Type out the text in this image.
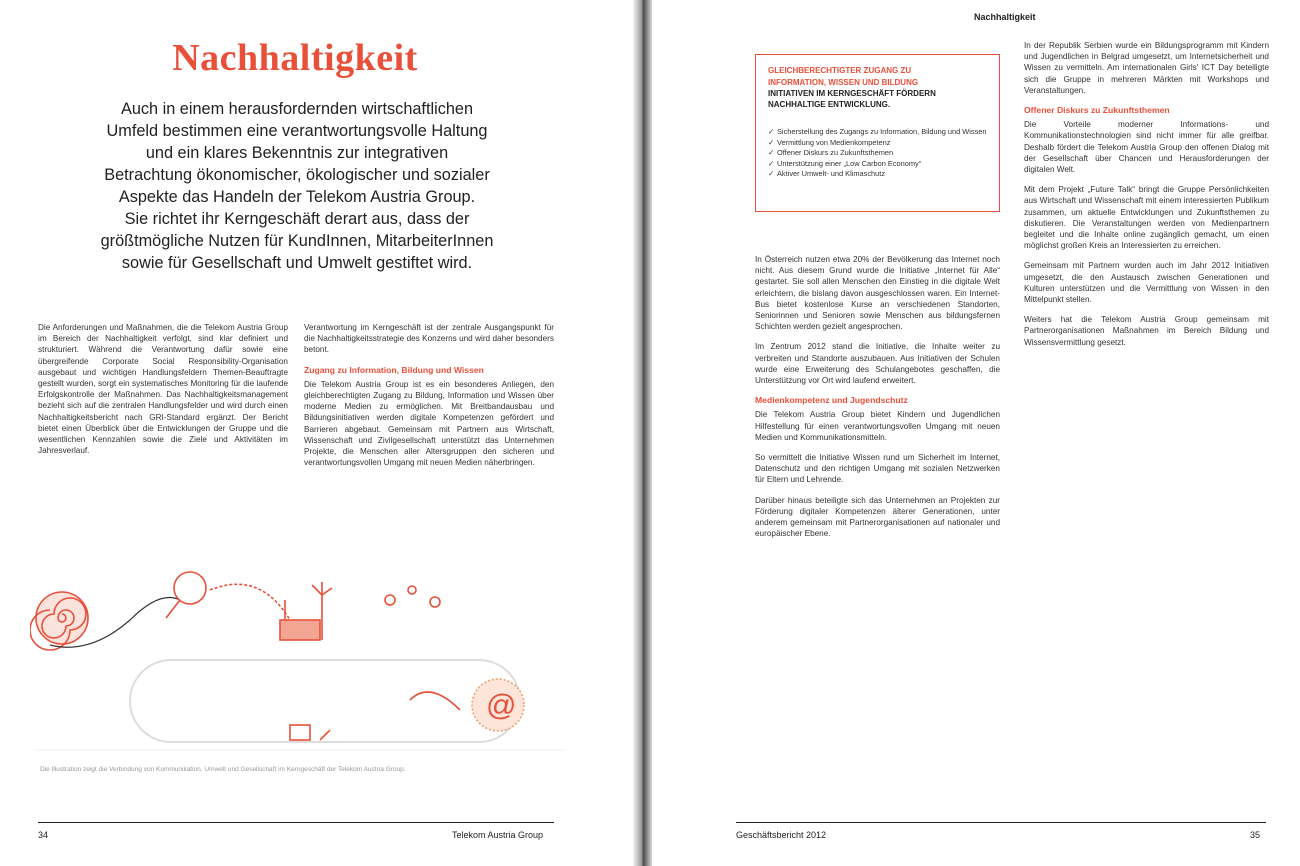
Nachhaltigkeit

Auch in einem herausfordernden wirtschaftlichen

Umfeld bestimmen eine verantwortungsvolle Haltung

und ein klares Bekenntnis zur integrativen

Betrachtung ökonomischer, ökologischer und sozialer

Aspekte das Handeln der Telekom Austria Group.

Sie richtet ihr Kerngeschäft derart aus, dass der

größtmögliche Nutzen für KundInnen, MitarbeiterInnen

sowie für Gesellschaft und Umwelt gestiftet wird.

Die Anforderungen und Maßnahmen, die die Telekom Austria Group im Bereich der Nachhaltigkeit verfolgt, sind klar definiert und strukturiert. Während die Verantwortung dafür sowie eine übergreifende Corporate Social Responsibility-Organisation ausgebaut und wichtigen Handlungsfeldern Themen-Beauftragte gestellt wurden, sorgt ein systematisches Monitoring für die laufende Erfolgskontrolle der Maßnahmen. Das Nachhaltigkeitsmanagement bezieht sich auf die zentralen Handlungsfelder und wird durch einen Nachhaltigkeitsbericht nach GRI-Standard ergänzt. Der Bericht bietet einen Überblick über die Entwicklungen der Gruppe und die wesentlichen Kennzahlen sowie die Ziele und Aktivitäten im Jahresverlauf.

Verantwortung im Kerngeschäft ist der zentrale Ausgangspunkt für die Nachhaltigkeitsstrategie des Konzerns und wird daher besonders betont.

Zugang zu Information, Bildung und Wissen

Die Telekom Austria Group ist es ein besonderes Anliegen, den gleichberechtigten Zugang zu Bildung, Information und Wissen über moderne Medien zu ermöglichen. Mit Breitbandausbau und Bildungsinitiativen werden digitale Kompetenzen gefördert und Barrieren abgebaut. Gemeinsam mit Partnern aus Wirtschaft, Wissenschaft und Zivilgesellschaft unterstützt das Unternehmen Projekte, die Menschen aller Altersgruppen den sicheren und verantwortungsvollen Umgang mit neuen Medien näherbringen.

@
Die Illustration zeigt die Verbindung von Kommunikation, Umwelt und Gesellschaft im Kerngeschäft der Telekom Austria Group.
34	Telekom Austria Group
Nachhaltigkeit
GLEICHBERECHTIGTER ZUGANG ZU
INFORMATION, WISSEN UND BILDUNG
INITIATIVEN IM KERNGESCHÄFT FÖRDERN
NACHHALTIGE ENTWICKLUNG.
✓ Sicherstellung des Zugangs zu Information, Bildung und Wissen
✓ Vermittlung von Medienkompetenz
✓ Offener Diskurs zu Zukunftsthemen
✓ Unterstützung einer „Low Carbon Economy“
✓ Aktiver Umwelt- und Klimaschutz

In Österreich nutzen etwa 20% der Bevölkerung das Internet noch nicht. Aus diesem Grund wurde die Initiative „Internet für Alle“ gestartet. Sie soll allen Menschen den Einstieg in die digitale Welt erleichtern, die bislang davon ausgeschlossen waren. Ein Internet-Bus bietet kostenlose Kurse an verschiedenen Standorten, Seniorinnen und Senioren sowie Menschen aus bildungsfernen Schichten werden gezielt angesprochen.

Im Zentrum 2012 stand die Initiative, die Inhalte weiter zu verbreiten und Standorte auszubauen. Aus Initiativen der Schulen wurde eine Erweiterung des Schulangebotes geschaffen, die Unterstützung vor Ort wird laufend erweitert.

Medienkompetenz und Jugendschutz

Die Telekom Austria Group bietet Kindern und Jugendlichen Hilfestellung für einen verantwortungsvollen Umgang mit neuen Medien und Kommunikationsmitteln.

So vermittelt die Initiative Wissen rund um Sicherheit im Internet, Datenschutz und den richtigen Umgang mit sozialen Netzwerken für Eltern und Lehrende.

Darüber hinaus beteiligte sich das Unternehmen an Projekten zur Förderung digitaler Kompetenzen älterer Generationen, unter anderem gemeinsam mit Partnerorganisationen auf nationaler und europäischer Ebene.

In der Republik Serbien wurde ein Bildungsprogramm mit Kindern und Jugendlichen in Belgrad umgesetzt, um Internetsicherheit und Wissen zu vermitteln. Am internationalen Girls' ICT Day beteiligte sich die Gruppe in mehreren Märkten mit Workshops und Veranstaltungen.

Offener Diskurs zu Zukunftsthemen

Die Vorteile moderner Informations- und Kommunikationstechnologien sind nicht immer für alle greifbar. Deshalb fördert die Telekom Austria Group den offenen Dialog mit der Gesellschaft über Chancen und Herausforderungen der digitalen Welt.

Mit dem Projekt „Future Talk“ bringt die Gruppe Persönlichkeiten aus Wirtschaft und Wissenschaft mit einem interessierten Publikum zusammen, um aktuelle Entwicklungen und Zukunftsthemen zu diskutieren. Die Veranstaltungen werden von Medienpartnern begleitet und die Inhalte online zugänglich gemacht, um einen möglichst großen Kreis an Interessierten zu erreichen.

Gemeinsam mit Partnern wurden auch im Jahr 2012 Initiativen umgesetzt, die den Austausch zwischen Generationen und Kulturen unterstützen und die Vermittlung von Wissen in den Mittelpunkt stellen.

Weiters hat die Telekom Austria Group gemeinsam mit Partnerorganisationen Maßnahmen im Bereich Bildung und Wissensvermittlung gesetzt.

Geschäftsbericht 2012	35
